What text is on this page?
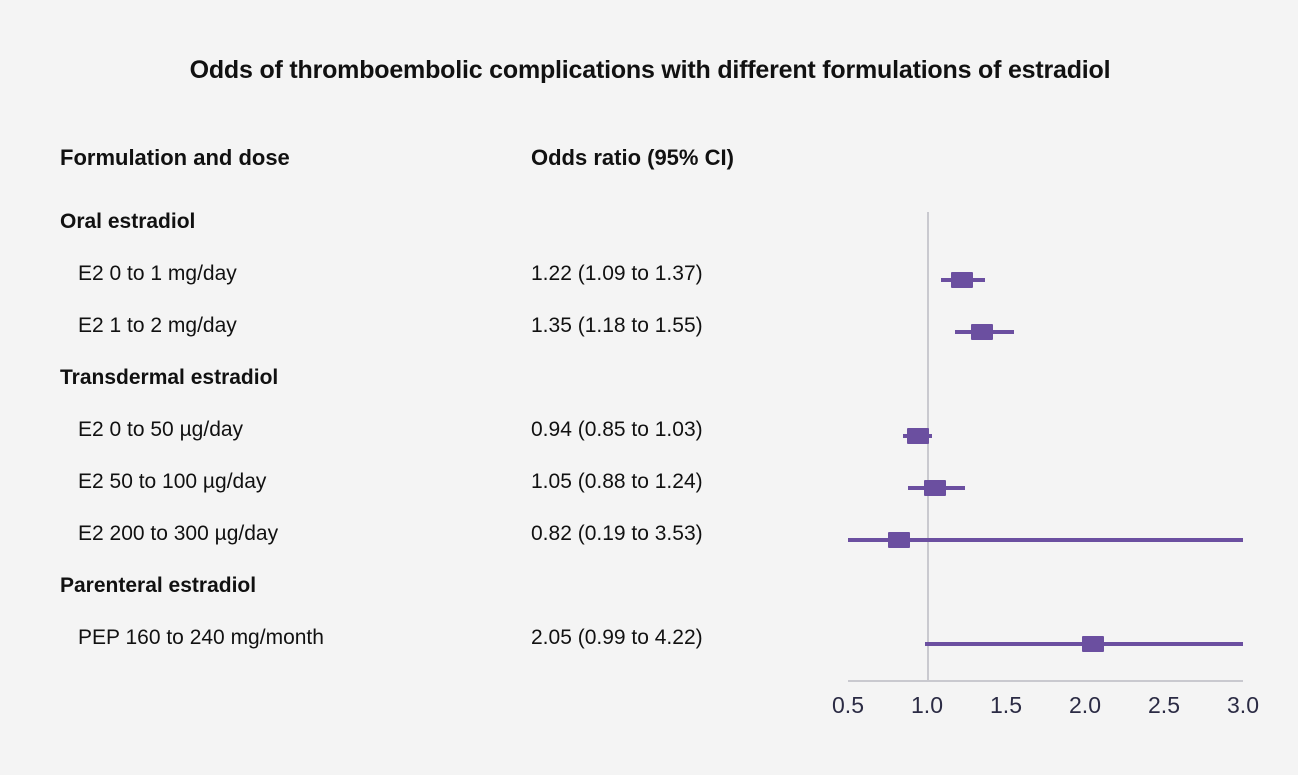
Odds of thromboembolic complications with different formulations of estradiol
Formulation and dose	Odds ratio (95% CI)
Oral estradiol
E2 0 to 1 mg/day	1.22 (1.09 to 1.37)
E2 1 to 2 mg/day	1.35 (1.18 to 1.55)
Transdermal estradiol
E2 0 to 50 µg/day	0.94 (0.85 to 1.03)
E2 50 to 100 µg/day	1.05 (0.88 to 1.24)
E2 200 to 300 µg/day	0.82 (0.19 to 3.53)
Parenteral estradiol
PEP 160 to 240 mg/month	2.05 (0.99 to 4.22)
0.5 1.0 1.5 2.0 2.5 3.0
